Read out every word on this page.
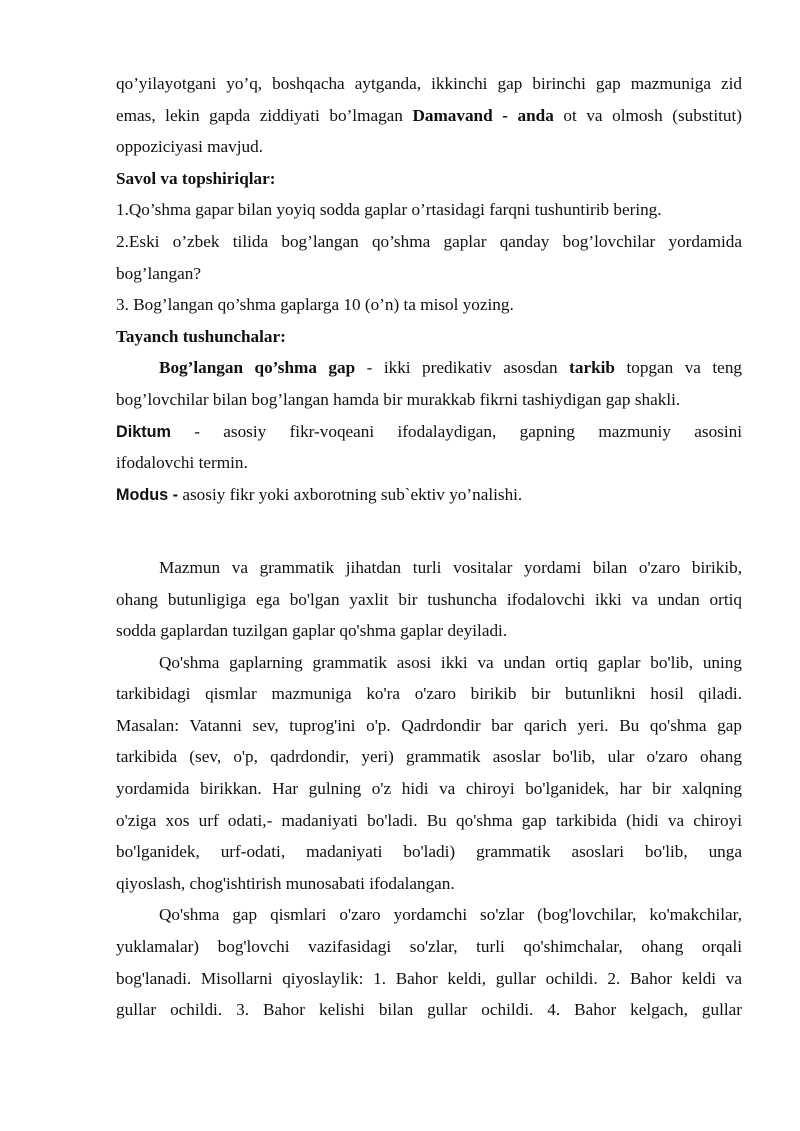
qo’yilayotgani yo’q, boshqacha aytganda, ikkinchi gap birinchi gap mazmuniga zid
emas, lekin gapda ziddiyati bo’lmagan Damavand - anda ot va olmosh (substitut)
oppoziciyasi mavjud.
Savol va topshiriqlar:
1.Qo’shma gapar bilan yoyiq sodda gaplar o’rtasidagi farqni tushuntirib bering.
2.Eski o’zbek tilida bog’langan qo’shma gaplar qanday bog’lovchilar yordamida
bog’langan?
3. Bog’langan qo’shma gaplarga 10 (o’n) ta misol yozing.
Tayanch tushunchalar:
Bog’langan qo’shma gap - ikki predikativ asosdan tarkib topgan va teng
bog’lovchilar bilan bog’langan hamda bir murakkab fikrni tashiydigan gap shakli.
Diktum - asosiy fikr-voqeani ifodalaydigan, gapning mazmuniy asosini
ifodalovchi termin.
Modus - asosiy fikr yoki axborotning sub`ektiv yo’nalishi.
Mazmun va grammatik jihatdan turli vositalar yordami bilan o'zaro birikib,
ohang butunligiga ega bo'lgan yaxlit bir tushuncha ifodalovchi ikki va undan ortiq
sodda gaplardan tuzilgan gaplar qo'shma gaplar deyiladi.
Qo'shma gaplarning grammatik asosi ikki va undan ortiq gaplar bo'lib, uning
tarkibidagi qismlar mazmuniga ko'ra o'zaro birikib bir butunlikni hosil qiladi.
Masalan: Vatanni sev, tuprog'ini o'p. Qadrdondir bar qarich yeri. Bu qo'shma gap
tarkibida (sev, o'p, qadrdondir, yeri) grammatik asoslar bo'lib, ular o'zaro ohang
yordamida birikkan. Har gulning o'z hidi va chiroyi bo'lganidek, har bir xalqning
o'ziga xos urf odati,- madaniyati bo'ladi. Bu qo'shma gap tarkibida (hidi va chiroyi
bo'lganidek, urf-odati, madaniyati bo'ladi) grammatik asoslari bo'lib, unga
qiyoslash, chog'ishtirish munosabati ifodalangan.
Qo'shma gap qismlari o'zaro yordamchi so'zlar (bog'lovchilar, ko'makchilar,
yuklamalar) bog'lovchi vazifasidagi so'zlar, turli qo'shimchalar, ohang orqali
bog'lanadi. Misollarni qiyoslaylik: 1. Bahor keldi, gullar ochildi. 2. Bahor keldi va
gullar ochildi. 3. Bahor kelishi bilan gullar ochildi. 4. Bahor kelgach, gullar
